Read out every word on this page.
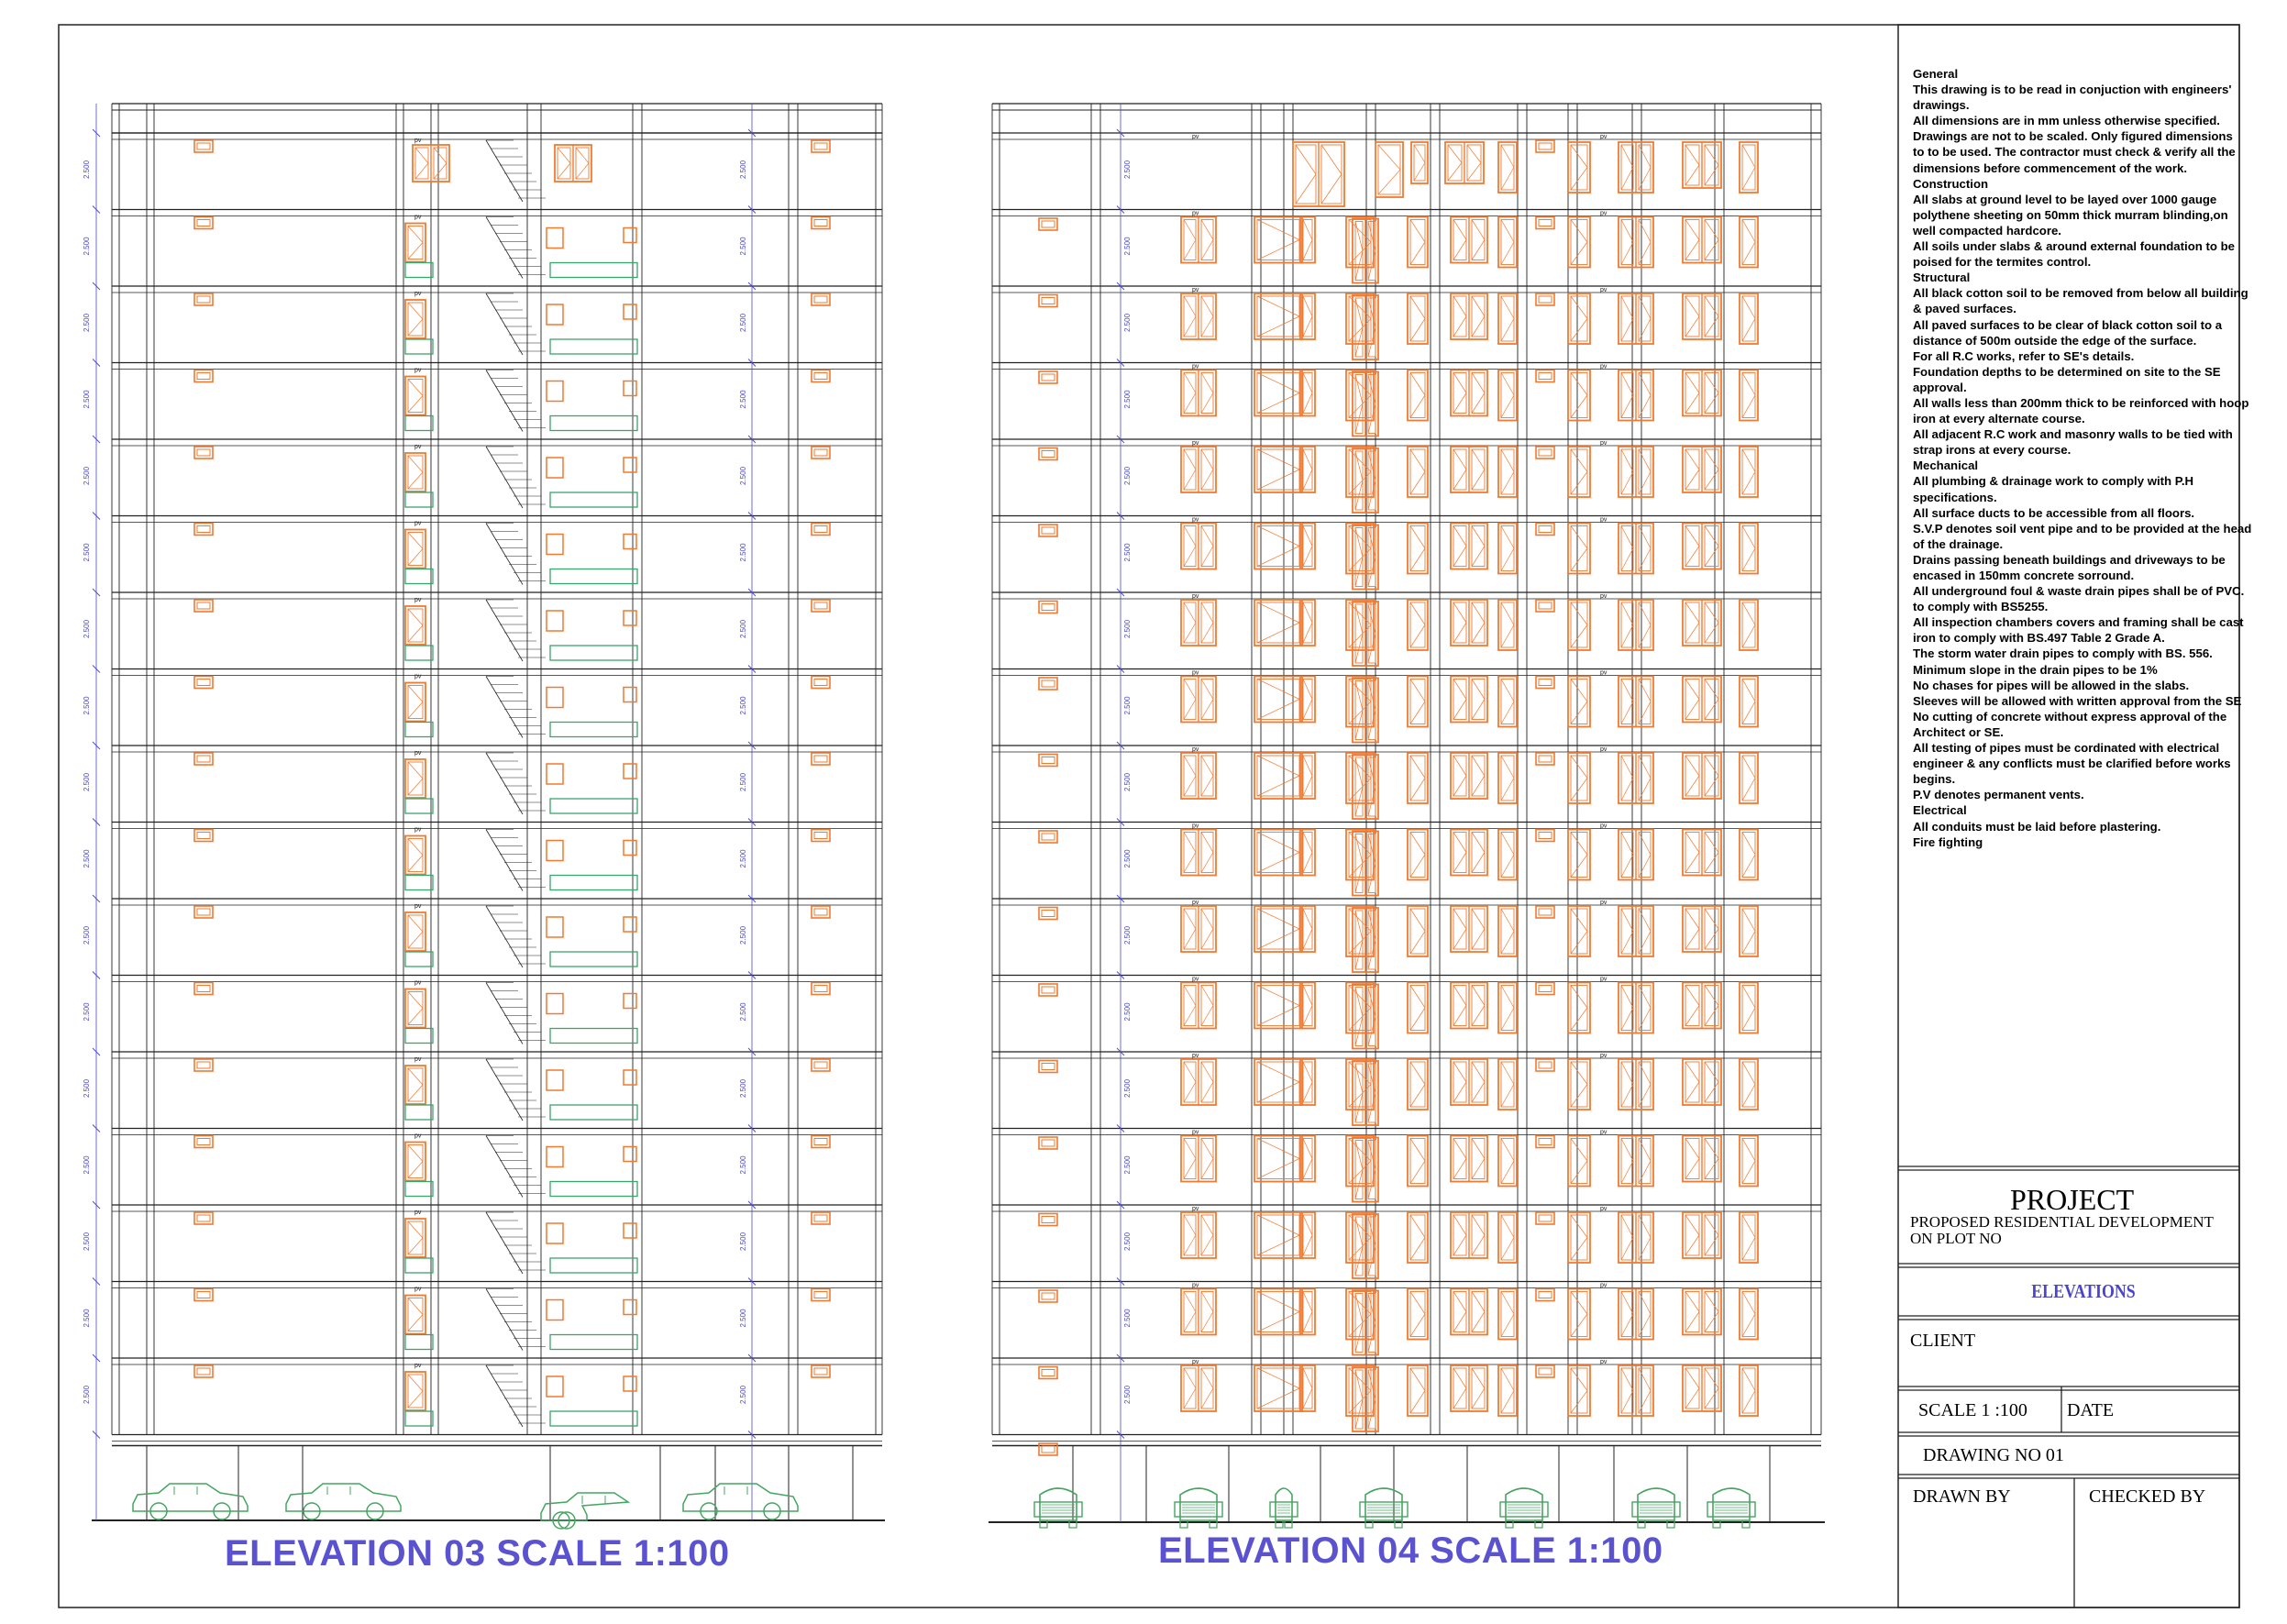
pv
2.500	2.500
pv
2.500	2.500
pv
2.500	2.500
pv
2.500	2.500
pv
2.500	2.500
pv
2.500	2.500
pv
2.500	2.500
pv
2.500	2.500
pv
2.500	2.500
pv
2.500	2.500
pv
2.500	2.500
pv
2.500	2.500
pv
2.500	2.500
pv
2.500	2.500
pv
2.500	2.500
pv
2.500	2.500
pv
2.500	2.500
pv	pv
2.500
pv	pv
2.500
pv	pv
2.500
pv	pv
2.500
pv	pv
2.500
pv	pv
2.500
pv	pv
2.500
pv	pv
2.500
pv	pv
2.500
pv	pv
2.500
pv	pv
2.500
pv	pv
2.500
pv	pv
2.500
pv	pv
2.500
pv	pv
2.500
pv	pv
2.500
pv	pv
2.500
General
This drawing is to be read in conjuction with engineers' drawings.
All dimensions are in mm unless otherwise specified.
Drawings are not to be scaled. Only figured dimensions
to to be used. The contractor must check & verify all the dimensions before commencement of the work.
Construction
All slabs at ground level to be layed over 1000 gauge polythene sheeting on 50mm thick murram blinding,on well compacted hardcore.
All soils under slabs & around external foundation to be poised for the termites control.
Structural
All black cotton soil to be removed from below all building & paved surfaces.
All paved surfaces to be clear of black cotton soil to a distance of 500m outside the edge of the surface.
For all R.C works, refer to SE's details.
Foundation depths to be determined on site to the SE approval.
All walls less than 200mm thick to be reinforced with hoop iron at every alternate course.
All adjacent R.C work and masonry walls to be tied with strap irons at every course.
Mechanical
All plumbing & drainage work to comply with P.H specifications.
All surface ducts to be accessible from all floors.
S.V.P denotes soil vent pipe and to be provided at the head of the drainage.
Drains passing beneath buildings and driveways to be encased in 150mm concrete sorround.
All underground foul & waste drain pipes shall be of PVC. to comply with BS5255.
All inspection chambers covers and framing shall be cast iron to comply with BS.497 Table 2 Grade A.
The storm water drain pipes to comply with BS. 556.
Minimum slope in the drain pipes to be 1%
No chases for pipes will be allowed in the slabs.
Sleeves will be allowed with written approval from the SE
No cutting of concrete without express approval of the Architect or SE.
All testing of pipes must be cordinated with electrical engineer & any conflicts must be clarified before works begins.
P.V denotes permanent vents.
Electrical
All conduits must be laid before plastering.
Fire fighting
PROJECT
PROPOSED RESIDENTIAL DEVELOPMENT
ON PLOT NO
ELEVATIONS
CLIENT
SCALE 1 :100 DATE
DRAWING NO 01
DRAWN BY	CHECKED BY
ELEVATION 03 SCALE 1:100	ELEVATION 04 SCALE 1:100
